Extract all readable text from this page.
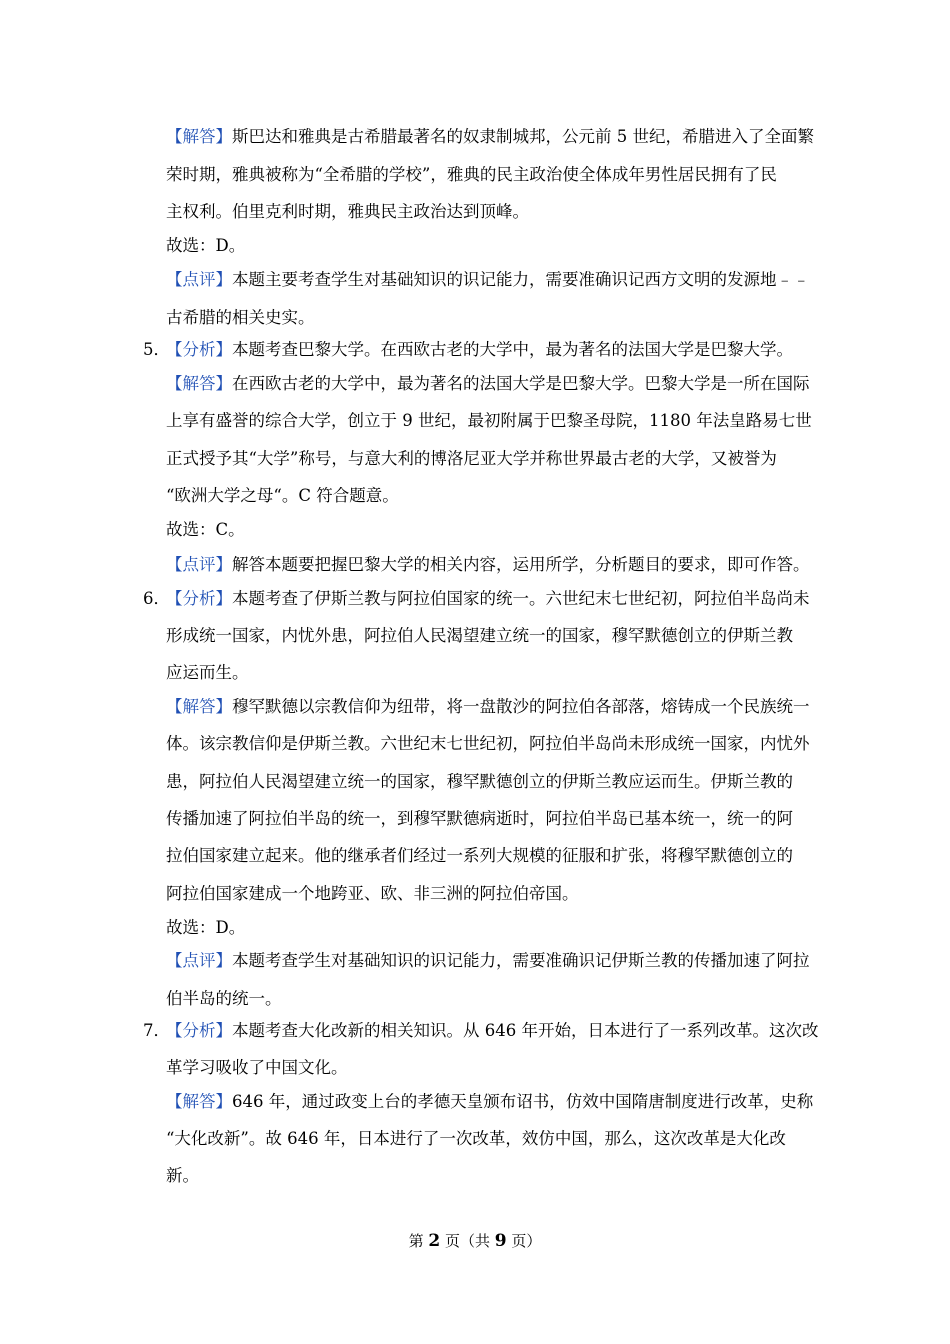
【解答】斯巴达和雅典是古希腊最著名的奴隶制城邦，公元前 5 世纪，希腊进入了全面繁
荣时期，雅典被称为“全希腊的学校”，雅典的民主政治使全体成年男性居民拥有了民
主权利。伯里克利时期，雅典民主政治达到顶峰。
故选：D。
【点评】本题主要考查学生对基础知识的识记能力，需要准确识记西方文明的发源地﹣﹣
古希腊的相关史实。
5．
【分析】本题考查巴黎大学。在西欧古老的大学中，最为著名的法国大学是巴黎大学。
【解答】在西欧古老的大学中，最为著名的法国大学是巴黎大学。巴黎大学是一所在国际
上享有盛誉的综合大学，创立于 9 世纪，最初附属于巴黎圣母院，1180 年法皇路易七世
正式授予其“大学”称号，与意大利的博洛尼亚大学并称世界最古老的大学，又被誉为
“欧洲大学之母“。C 符合题意。
故选：C。
【点评】解答本题要把握巴黎大学的相关内容，运用所学，分析题目的要求，即可作答。
6．
【分析】本题考查了伊斯兰教与阿拉伯国家的统一。六世纪末七世纪初，阿拉伯半岛尚未
形成统一国家，内忧外患，阿拉伯人民渴望建立统一的国家，穆罕默德创立的伊斯兰教
应运而生。
【解答】穆罕默德以宗教信仰为纽带，将一盘散沙的阿拉伯各部落，熔铸成一个民族统一
体。该宗教信仰是伊斯兰教。六世纪末七世纪初，阿拉伯半岛尚未形成统一国家，内忧外
患，阿拉伯人民渴望建立统一的国家，穆罕默德创立的伊斯兰教应运而生。伊斯兰教的
传播加速了阿拉伯半岛的统一，到穆罕默德病逝时，阿拉伯半岛已基本统一，统一的阿
拉伯国家建立起来。他的继承者们经过一系列大规模的征服和扩张，将穆罕默德创立的
阿拉伯国家建成一个地跨亚、欧、非三洲的阿拉伯帝国。
故选：D。
【点评】本题考查学生对基础知识的识记能力，需要准确识记伊斯兰教的传播加速了阿拉
伯半岛的统一。
7．
【分析】本题考查大化改新的相关知识。从 646 年开始，日本进行了一系列改革。这次改
革学习吸收了中国文化。
【解答】646 年，通过政变上台的孝德天皇颁布诏书，仿效中国隋唐制度进行改革，史称
“大化改新”。故 646 年，日本进行了一次改革，效仿中国，那么，这次改革是大化改
新。
第 2 页（共 9 页）
